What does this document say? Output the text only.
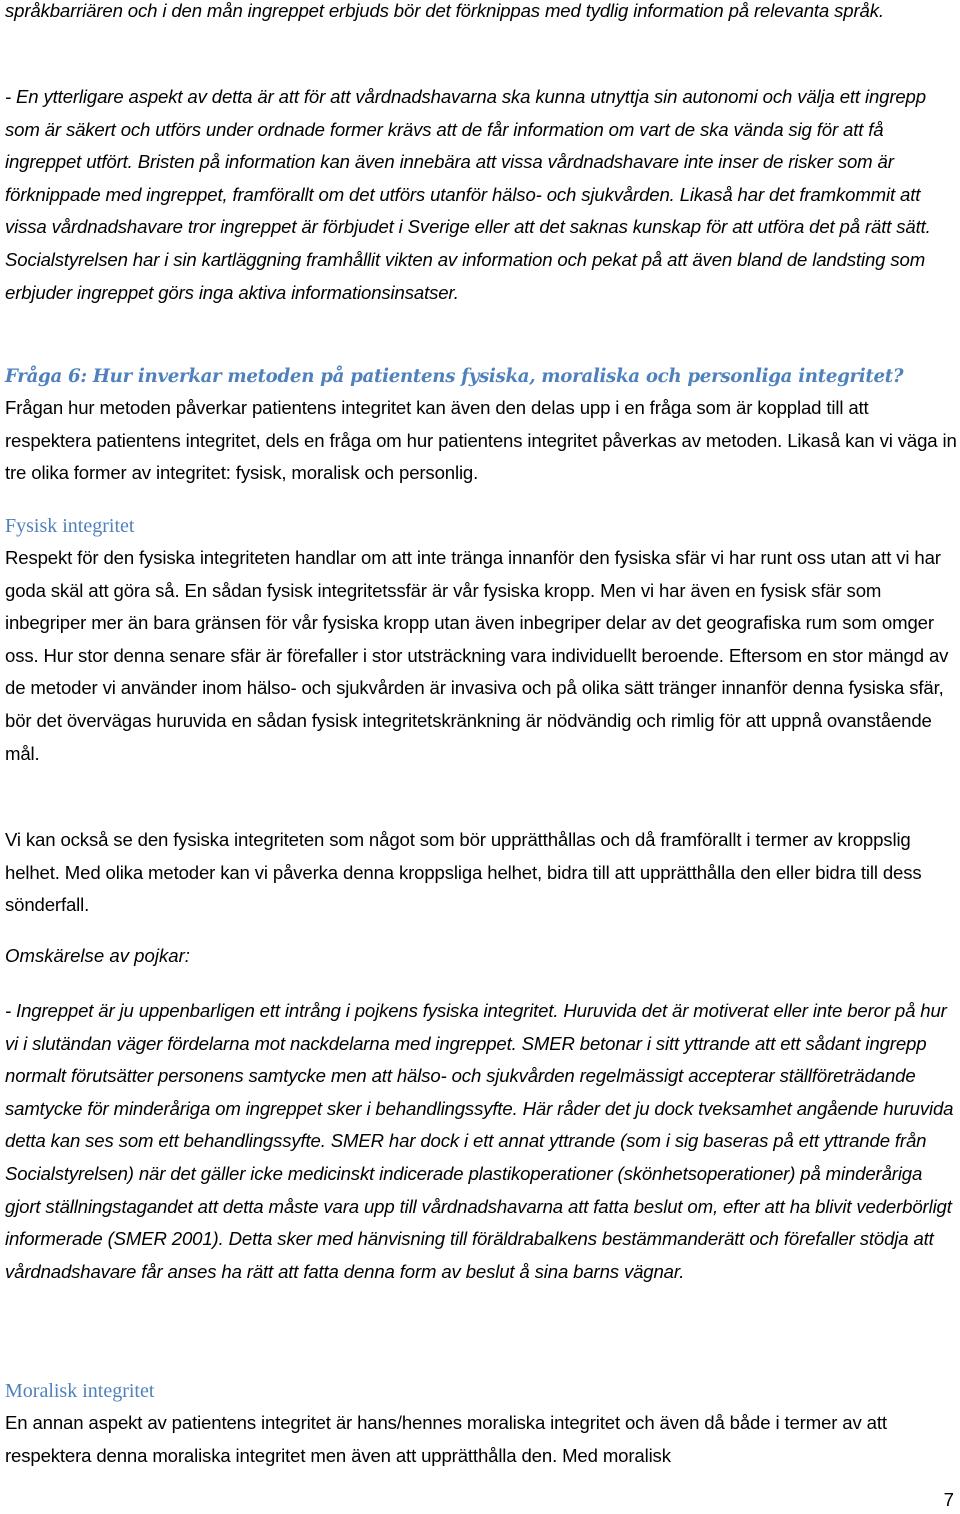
språkbarriären och i den mån ingreppet erbjuds bör det förknippas med tydlig information på relevanta språk.

- En ytterligare aspekt av detta är att för att vårdnadshavarna ska kunna utnyttja sin autonomi och välja ett ingrepp som är säkert och utförs under ordnade former krävs att de får information om vart de ska vända sig för att få ingreppet utfört. Bristen på information kan även innebära att vissa vårdnadshavare inte inser de risker som är förknippade med ingreppet, framförallt om det utförs utanför hälso- och sjukvården. Likaså har det framkommit att vissa vårdnadshavare tror ingreppet är förbjudet i Sverige eller att det saknas kunskap för att utföra det på rätt sätt. Socialstyrelsen har i sin kartläggning framhållit vikten av information och pekat på att även bland de landsting som erbjuder ingreppet görs inga aktiva informationsinsatser.

Fråga 6: Hur inverkar metoden på patientens fysiska, moraliska och personliga integritet?

Frågan hur metoden påverkar patientens integritet kan även den delas upp i en fråga som är kopplad till att respektera patientens integritet, dels en fråga om hur patientens integritet påverkas av metoden. Likaså kan vi väga in tre olika former av integritet: fysisk, moralisk och personlig.

Fysisk integritet

Respekt för den fysiska integriteten handlar om att inte tränga innanför den fysiska sfär vi har runt oss utan att vi har goda skäl att göra så. En sådan fysisk integritetssfär är vår fysiska kropp. Men vi har även en fysisk sfär som inbegriper mer än bara gränsen för vår fysiska kropp utan även inbegriper delar av det geografiska rum som omger oss. Hur stor denna senare sfär är förefaller i stor utsträckning vara individuellt beroende. Eftersom en stor mängd av de metoder vi använder inom hälso- och sjukvården är invasiva och på olika sätt tränger innanför denna fysiska sfär, bör det övervägas huruvida en sådan fysisk integritetskränkning är nödvändig och rimlig för att uppnå ovanstående mål.

Vi kan också se den fysiska integriteten som något som bör upprätthållas och då framförallt i termer av kroppslig helhet. Med olika metoder kan vi påverka denna kroppsliga helhet, bidra till att upprätthålla den eller bidra till dess sönderfall.

Omskärelse av pojkar:

- Ingreppet är ju uppenbarligen ett intrång i pojkens fysiska integritet. Huruvida det är motiverat eller inte beror på hur vi i slutändan väger fördelarna mot nackdelarna med ingreppet. SMER betonar i sitt yttrande att ett sådant ingrepp normalt förutsätter personens samtycke men att hälso- och sjukvården regelmässigt accepterar ställföreträdande samtycke för minderåriga om ingreppet sker i behandlingssyfte. Här råder det ju dock tveksamhet angående huruvida detta kan ses som ett behandlingssyfte. SMER har dock i ett annat yttrande (som i sig baseras på ett yttrande från Socialstyrelsen) när det gäller icke medicinskt indicerade plastikoperationer (skönhetsoperationer) på minderåriga gjort ställningstagandet att detta måste vara upp till vårdnadshavarna att fatta beslut om, efter att ha blivit vederbörligt informerade (SMER 2001). Detta sker med hänvisning till föräldrabalkens bestämmanderätt och förefaller stödja att vårdnadshavare får anses ha rätt att fatta denna form av beslut å sina barns vägnar.

Moralisk integritet

En annan aspekt av patientens integritet är hans/hennes moraliska integritet och även då både i termer av att respektera denna moraliska integritet men även att upprätthålla den. Med moralisk

7
